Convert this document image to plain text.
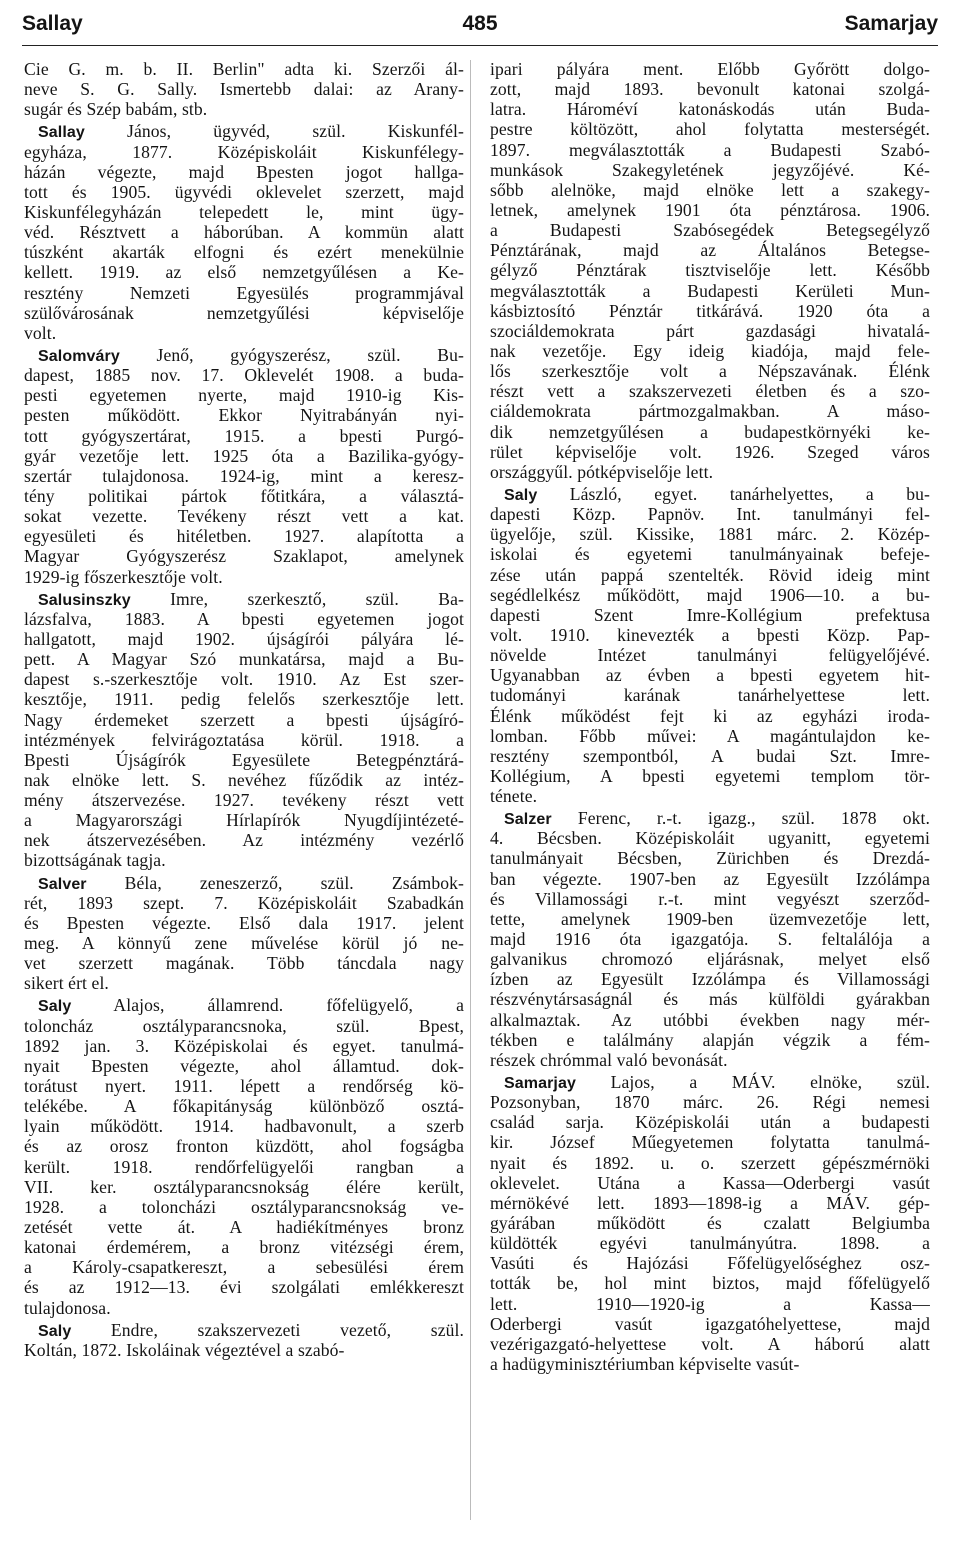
Sallay	485	Samarjay
Cie G. m. b. II. Berlin" adta ki. Szerzői ál-
neve S. G. Sally. Ismertebb dalai: az Arany-
sugár és Szép babám, stb.
Sallay János, ügyvéd, szül. Kiskunfél-
egyháza, 1877. Középiskoláit Kiskunfélegy-
házán végezte, majd Bpesten jogot hallga-
tott és 1905. ügyvédi oklevelet szerzett, majd
Kiskunfélegyházán telepedett le, mint ügy-
véd. Résztvett a háborúban. A kommün alatt
túszként akarták elfogni és ezért menekülnie
kellett. 1919. az első nemzetgyűlésen a Ke-
resztény Nemzeti Egyesülés programmjával
szülővárosának nemzetgyűlési képviselője
volt.
Salomváry Jenő, gyógyszerész, szül. Bu-
dapest, 1885 nov. 17. Oklevelét 1908. a buda-
pesti egyetemen nyerte, majd 1910-ig Kis-
pesten működött. Ekkor Nyitrabányán nyi-
tott gyógyszertárat, 1915. a bpesti Purgó-
gyár vezetője lett. 1925 óta a Bazilika-gyógy-
szertár tulajdonosa. 1924-ig, mint a keresz-
tény politikai pártok főtitkára, a választá-
sokat vezette. Tevékeny részt vett a kat.
egyesületi és hitéletben. 1927. alapította a
Magyar Gyógyszerész Szaklapot, amelynek
1929-ig főszerkesztője volt.
Salusinszky Imre, szerkesztő, szül. Ba-
lázsfalva, 1883. A bpesti egyetemen jogot
hallgatott, majd 1902. újságírói pályára lé-
pett. A Magyar Szó munkatársa, majd a Bu-
dapest s.-szerkesztője volt. 1910. Az Est szer-
kesztője, 1911. pedig felelős szerkesztője lett.
Nagy érdemeket szerzett a bpesti újságíró-
intézmények felvirágoztatása körül. 1918. a
Bpesti Újságírók Egyesülete Betegpénztárá-
nak elnöke lett. S. nevéhez fűződik az intéz-
mény átszervezése. 1927. tevékeny részt vett
a Magyarországi Hírlapírók Nyugdíjintézeté-
nek átszervezésében. Az intézmény vezérlő
bizottságának tagja.
Salver Béla, zeneszerző, szül. Zsámbok-
rét, 1893 szept. 7. Középiskoláit Szabadkán
és Bpesten végezte. Első dala 1917. jelent
meg. A könnyű zene művelése körül jó ne-
vet szerzett magának. Több táncdala nagy
sikert ért el.
Saly Alajos, államrend. főfelügyelő, a
toloncház osztályparancsnoka, szül. Bpest,
1892 jan. 3. Középiskolai és egyet. tanulmá-
nyait Bpesten végezte, ahol államtud. dok-
torátust nyert. 1911. lépett a rendőrség kö-
telékébe. A főkapitányság különböző osztá-
lyain működött. 1914. hadbavonult, a szerb
és az orosz fronton küzdött, ahol fogságba
került. 1918. rendőrfelügyelői rangban a
VII. ker. osztályparancsnokság élére került,
1928. a toloncházi osztályparancsnokság ve-
zetését vette át. A hadiékítményes bronz
katonai érdemérem, a bronz vitézségi érem,
a Károly-csapatkereszt, a sebesülési érem
és az 1912—13. évi szolgálati emlékkereszt
tulajdonosa.
Saly Endre, szakszervezeti vezető, szül.
Koltán, 1872. Iskoláinak végeztével a szabó-
ipari pályára ment. Előbb Győrött dolgo-
zott, majd 1893. bevonult katonai szolgá-
latra. Hároméví katonáskodás után Buda-
pestre költözött, ahol folytatta mesterségét.
1897. megválasztották a Budapesti Szabó-
munkások Szakegyletének jegyzőjévé. Ké-
sőbb alelnöke, majd elnöke lett a szakegy-
letnek, amelynek 1901 óta pénztárosa. 1906.
a Budapesti Szabósegédek Betegsegélyző
Pénztárának, majd az Általános Betegse-
gélyző Pénztárak tisztviselője lett. Később
megválasztották a Budapesti Kerületi Mun-
kásbiztosító Pénztár titkárává. 1920 óta a
szociáldemokrata párt gazdasági hivatalá-
nak vezetője. Egy ideig kiadója, majd fele-
lős szerkesztője volt a Népszavának. Élénk
részt vett a szakszervezeti életben és a szo-
ciáldemokrata pártmozgalmakban. A máso-
dik nemzetgyűlésen a budapestkörnyéki ke-
rület képviselője volt. 1926. Szeged város
országgyűl. pótképviselője lett.
Saly László, egyet. tanárhelyettes, a bu-
dapesti Közp. Papnöv. Int. tanulmányi fel-
ügyelője, szül. Kissike, 1881 márc. 2. Közép-
iskolai és egyetemi tanulmányainak befeje-
zése után pappá szentelték. Rövid ideig mint
segédlelkész működött, majd 1906—10. a bu-
dapesti Szent Imre-Kollégium prefektusa
volt. 1910. kinevezték a bpesti Közp. Pap-
növelde Intézet tanulmányi felügyelőjévé.
Ugyanabban az évben a bpesti egyetem hit-
tudományi karának tanárhelyettese lett.
Élénk működést fejt ki az egyházi iroda-
lomban. Főbb művei: A magántulajdon ke-
resztény szempontból, A budai Szt. Imre-
Kollégium, A bpesti egyetemi templom tör-
ténete.
Salzer Ferenc, r.-t. igazg., szül. 1878 okt.
4. Bécsben. Középiskoláit ugyanitt, egyetemi
tanulmányait Bécsben, Zürichben és Drezdá-
ban végezte. 1907-ben az Egyesült Izzólámpa
és Villamossági r.-t. mint vegyészt szerződ-
tette, amelynek 1909-ben üzemvezetője lett,
majd 1916 óta igazgatója. S. feltalálója a
galvanikus chromozó eljárásnak, melyet első
ízben az Egyesült Izzólámpa és Villamossági
részvénytársaságnál és más külföldi gyárakban
alkalmaztak. Az utóbbi években nagy mér-
tékben e találmány alapján végzik a fém-
részek chrómmal való bevonását.
Samarjay Lajos, a MÁV. elnöke, szül.
Pozsonyban, 1870 márc. 26. Régi nemesi
család sarja. Középiskolái után a budapesti
kir. József Műegyetemen folytatta tanulmá-
nyait és 1892. u. o. szerzett gépészmérnöki
oklevelet. Utána a Kassa—Oderbergi vasút
mérnökévé lett. 1893—1898-ig a MÁV. gép-
gyárában működött és czalatt Belgiumba
küldötték egyévi tanulmányútra. 1898. a
Vasúti és Hajózási Főfelügyelőséghez osz-
tották be, hol mint biztos, majd főfelügyelő
lett. 1910—1920-ig a Kassa—
Oderbergi vasút igazgatóhelyettese, majd
vezérigazgató-helyettese volt. A háború alatt
a hadügyminisztériumban képviselte vasút-
